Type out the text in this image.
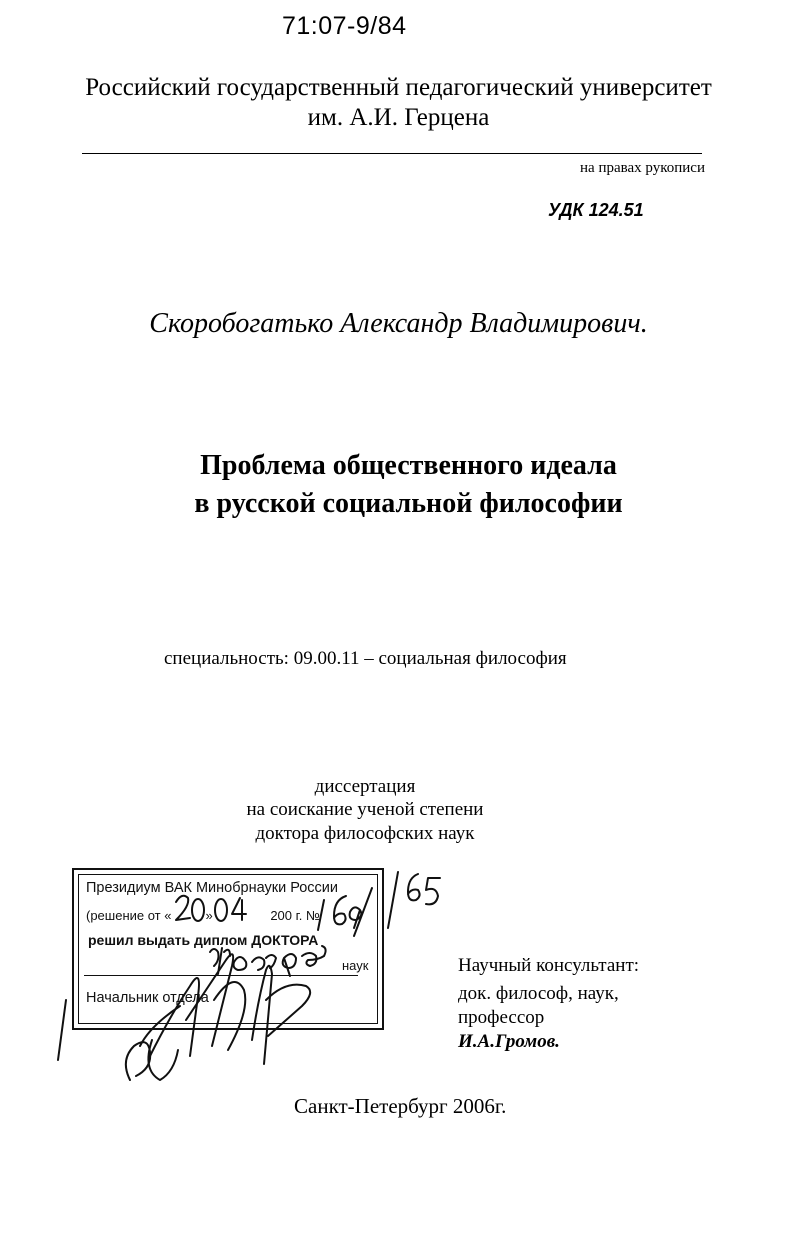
71:07-9/84
Российский государственный педагогический университет
им. А.И. Герцена
на правах рукописи
УДК 124.51
Скоробогатько Александр Владимирович.
Проблема общественного идеала
в русской социальной философии
специальность: 09.00.11 – социальная философия
диссертация
на соискание ученой степени
доктора философских наук
Президиум ВАК Минобрнауки России
(решение от «	»	200 г. №
решил выдать диплом ДОКТОРА
наук
Начальник отдела
Научный консультант:
док. философ, наук,
профессор
И.А.Громов.
Санкт-Петербург 2006г.
